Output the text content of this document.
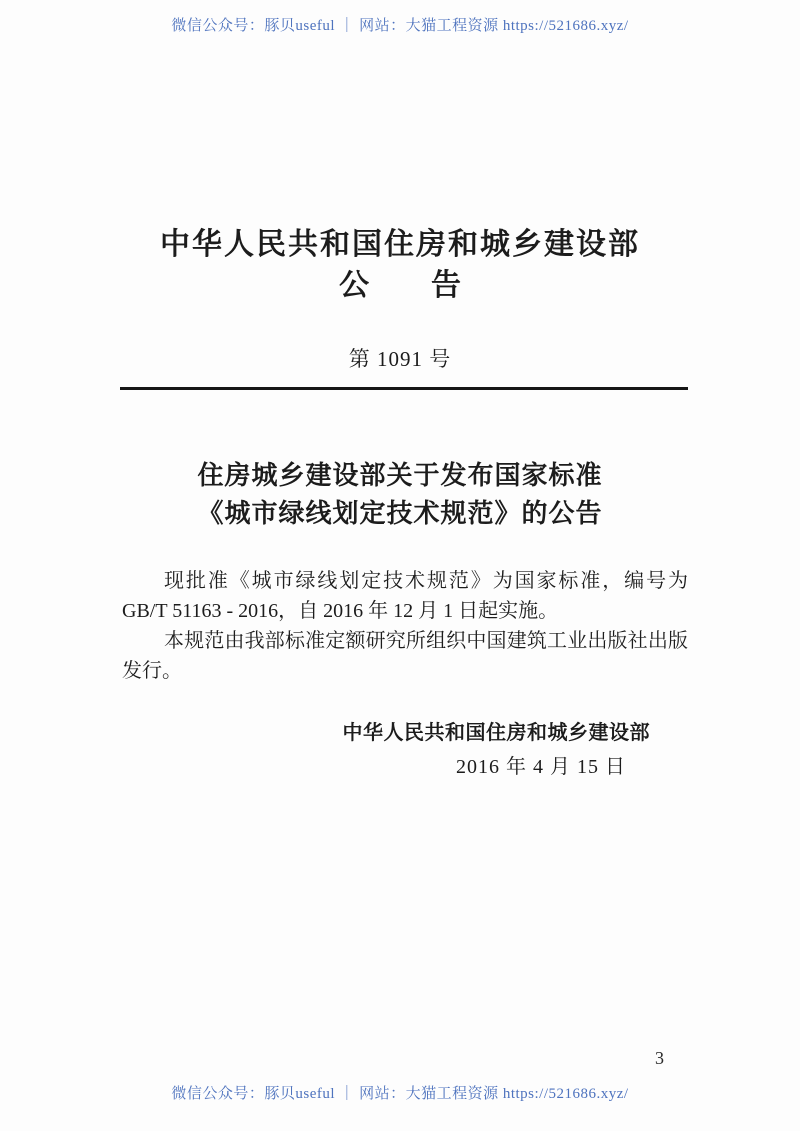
微信公众号：豚贝useful ｜ 网站：大猫工程资源 https://521686.xyz/
中华人民共和国住房和城乡建设部
公 告
第 1091 号
住房城乡建设部关于发布国家标准
《城市绿线划定技术规范》的公告

现批准《城市绿线划定技术规范》为国家标准，编号为GB/T 51163 - 2016，自 2016 年 12 月 1 日起实施。

本规范由我部标准定额研究所组织中国建筑工业出版社出版发行。

中华人民共和国住房和城乡建设部
2016 年 4 月 15 日
3
微信公众号：豚贝useful ｜ 网站：大猫工程资源 https://521686.xyz/
